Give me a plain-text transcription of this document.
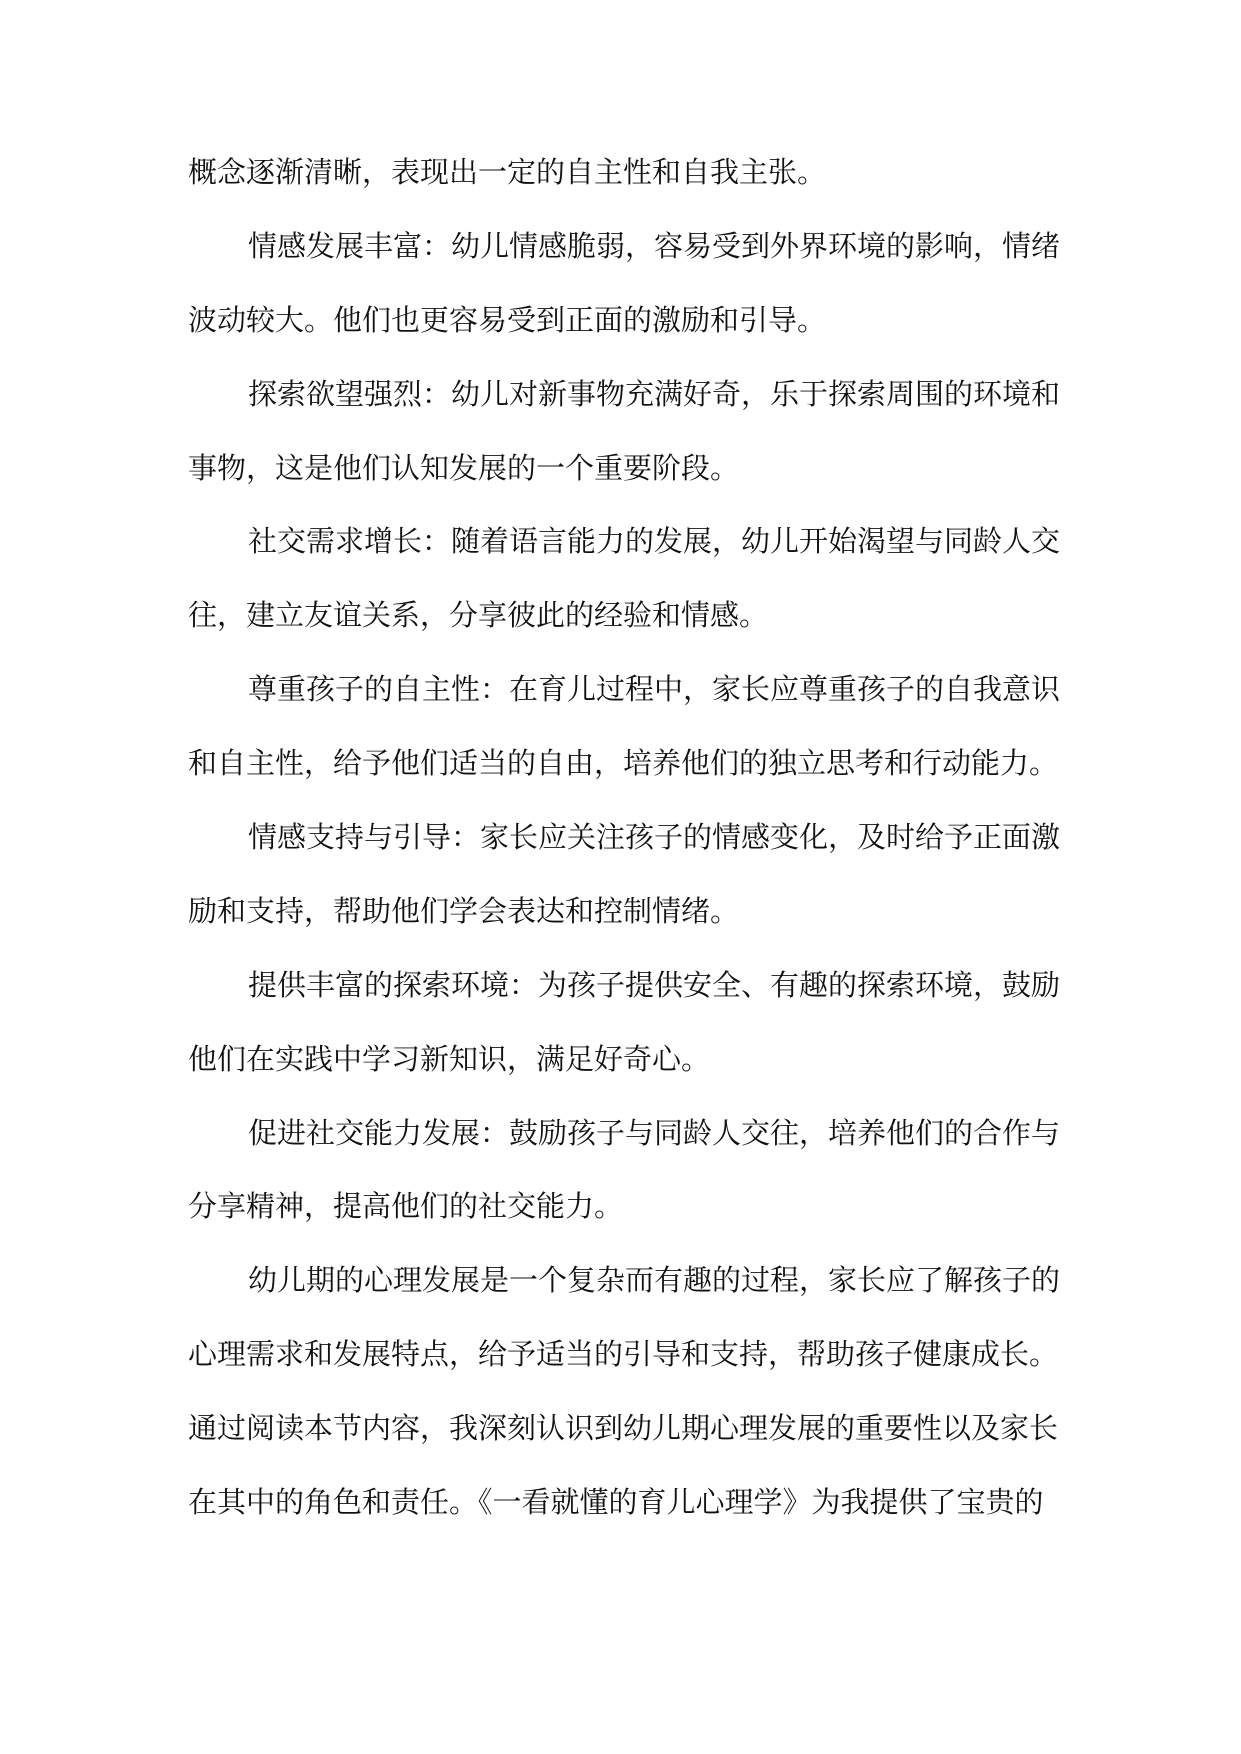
概念逐渐清晰，表现出一定的自主性和自我主张。
情感发展丰富：幼儿情感脆弱，容易受到外界环境的影响，情绪
波动较大。他们也更容易受到正面的激励和引导。
探索欲望强烈：幼儿对新事物充满好奇，乐于探索周围的环境和
事物，这是他们认知发展的一个重要阶段。
社交需求增长：随着语言能力的发展，幼儿开始渴望与同龄人交
往，建立友谊关系，分享彼此的经验和情感。
尊重孩子的自主性：在育儿过程中，家长应尊重孩子的自我意识
和自主性，给予他们适当的自由，培养他们的独立思考和行动能力。
情感支持与引导：家长应关注孩子的情感变化，及时给予正面激
励和支持，帮助他们学会表达和控制情绪。
提供丰富的探索环境：为孩子提供安全、有趣的探索环境，鼓励
他们在实践中学习新知识，满足好奇心。
促进社交能力发展：鼓励孩子与同龄人交往，培养他们的合作与
分享精神，提高他们的社交能力。
幼儿期的心理发展是一个复杂而有趣的过程，家长应了解孩子的
心理需求和发展特点，给予适当的引导和支持，帮助孩子健康成长。
通过阅读本节内容，我深刻认识到幼儿期心理发展的重要性以及家长
在其中的角色和责任。《一看就懂的育儿心理学》为我提供了宝贵的
